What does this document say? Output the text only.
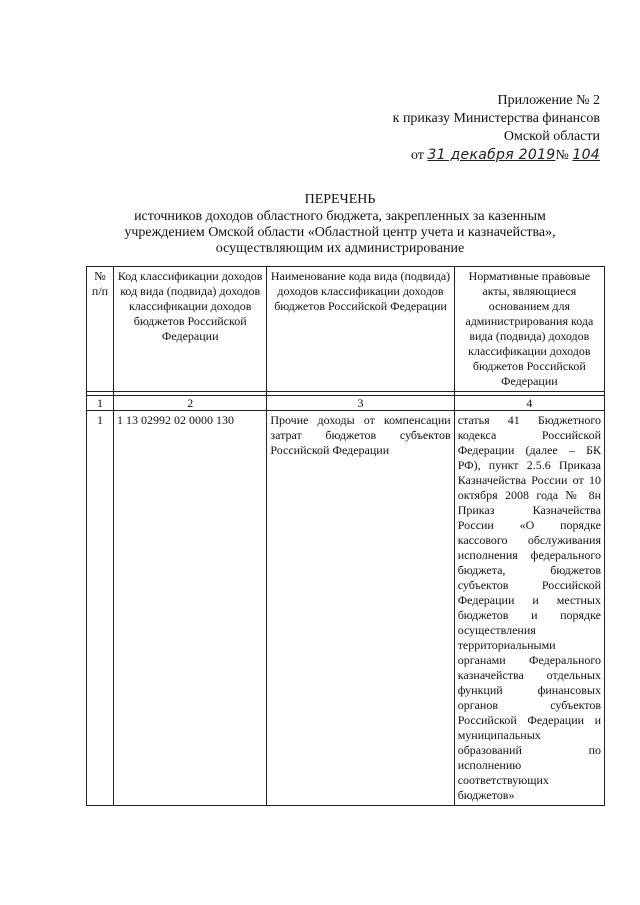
Приложение № 2
к приказу Министерства финансов
Омской области
от 31 декабря 2019№ 104
ПЕРЕЧЕНЬ
источников доходов областного бюджета, закрепленных за казенным
учреждением Омской области «Областной центр учета и казначейства»,
осуществляющим их администрирование
№ п/п	Код классификации доходов код вида (подвида) доходов классификации доходов бюджетов Российской Федерации	Наименование кода вида (подвида) доходов классификации доходов бюджетов Российской Федерации	Нормативные правовые акты, являющиеся основанием для администрирования кода вида (подвида) доходов классификации доходов бюджетов Российской Федерации

1	2	3	4
1	1 13 02992 02 0000 130	Прочие доходы от компенсации затрат бюджетов субъектов Российской Федерации	статья 41 Бюджетного кодекса Российской Федерации (далее – БК РФ), пункт 2.5.6 Приказа Казначейства России от 10 октября 2008 года № 8н Приказ Казначейства России «О порядке кассового обслуживания исполнения федерального бюджета, бюджетов субъектов Российской Федерации и местных бюджетов и порядке осуществления территориальными органами Федерального казначейства отдельных функций финансовых органов субъектов Российской Федерации и муниципальных образований по исполнению соответствующих бюджетов»
